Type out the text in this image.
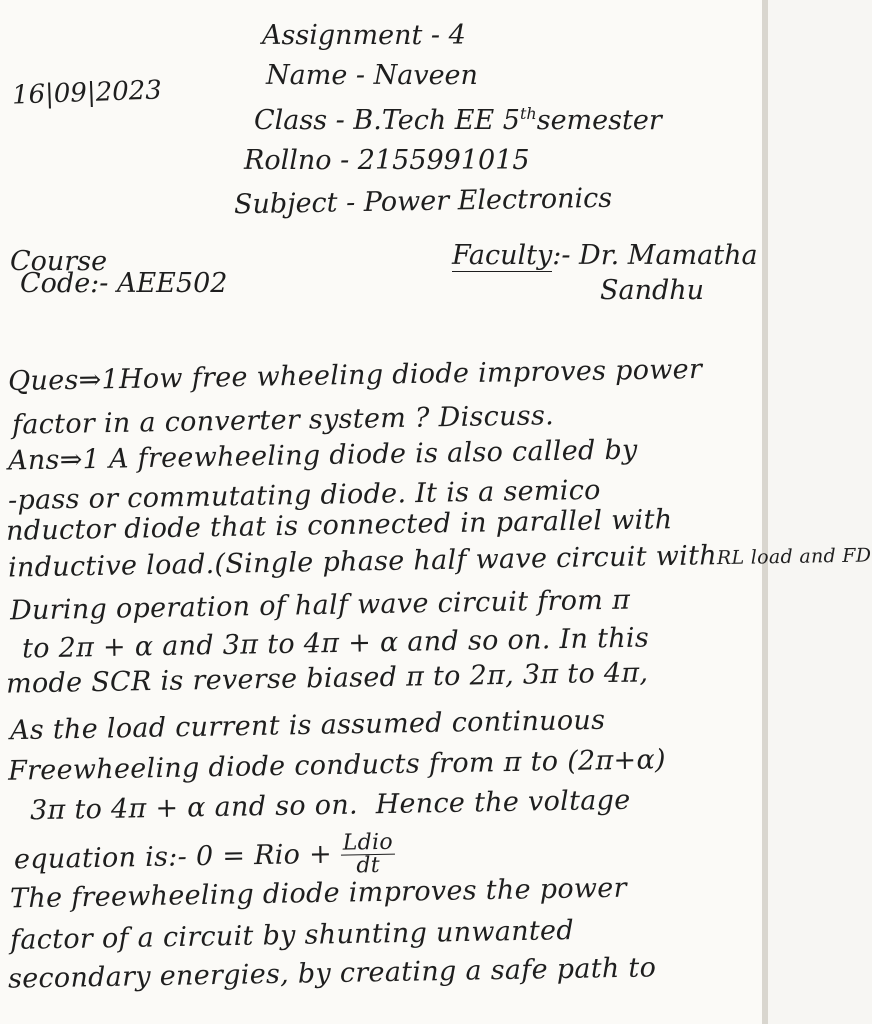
16|09|2023
Assignment - 4
Name - Naveen
Class - B.Tech EE 5thsemester
Rollno - 2155991015
Subject - Power Electronics
Course
Code:- AEE502
Faculty:- Dr. Mamatha
Sandhu
Ques⇒1How free wheeling diode improves power
factor in a converter system ? Discuss.
Ans⇒1 A freewheeling diode is also called by
-pass or commutating diode. It is a semico
nductor diode that is connected in parallel with
inductive load.(Single phase half wave circuit withRL load and FD
During operation of half wave circuit from π
to 2π + α and 3π to 4π + α and so on. In this
mode SCR is reverse biased π to 2π, 3π to 4π,
As the load current is assumed continuous
Freewheeling diode conducts from π to (2π+α)
3π to 4π + α and so on. Hence the voltage
equation is:- 0 = Rio + $\frac{\text{Ldio}}{dt}$
The freewheeling diode improves the power
factor of a circuit by shunting unwanted
secondary energies, by creating a safe path to
